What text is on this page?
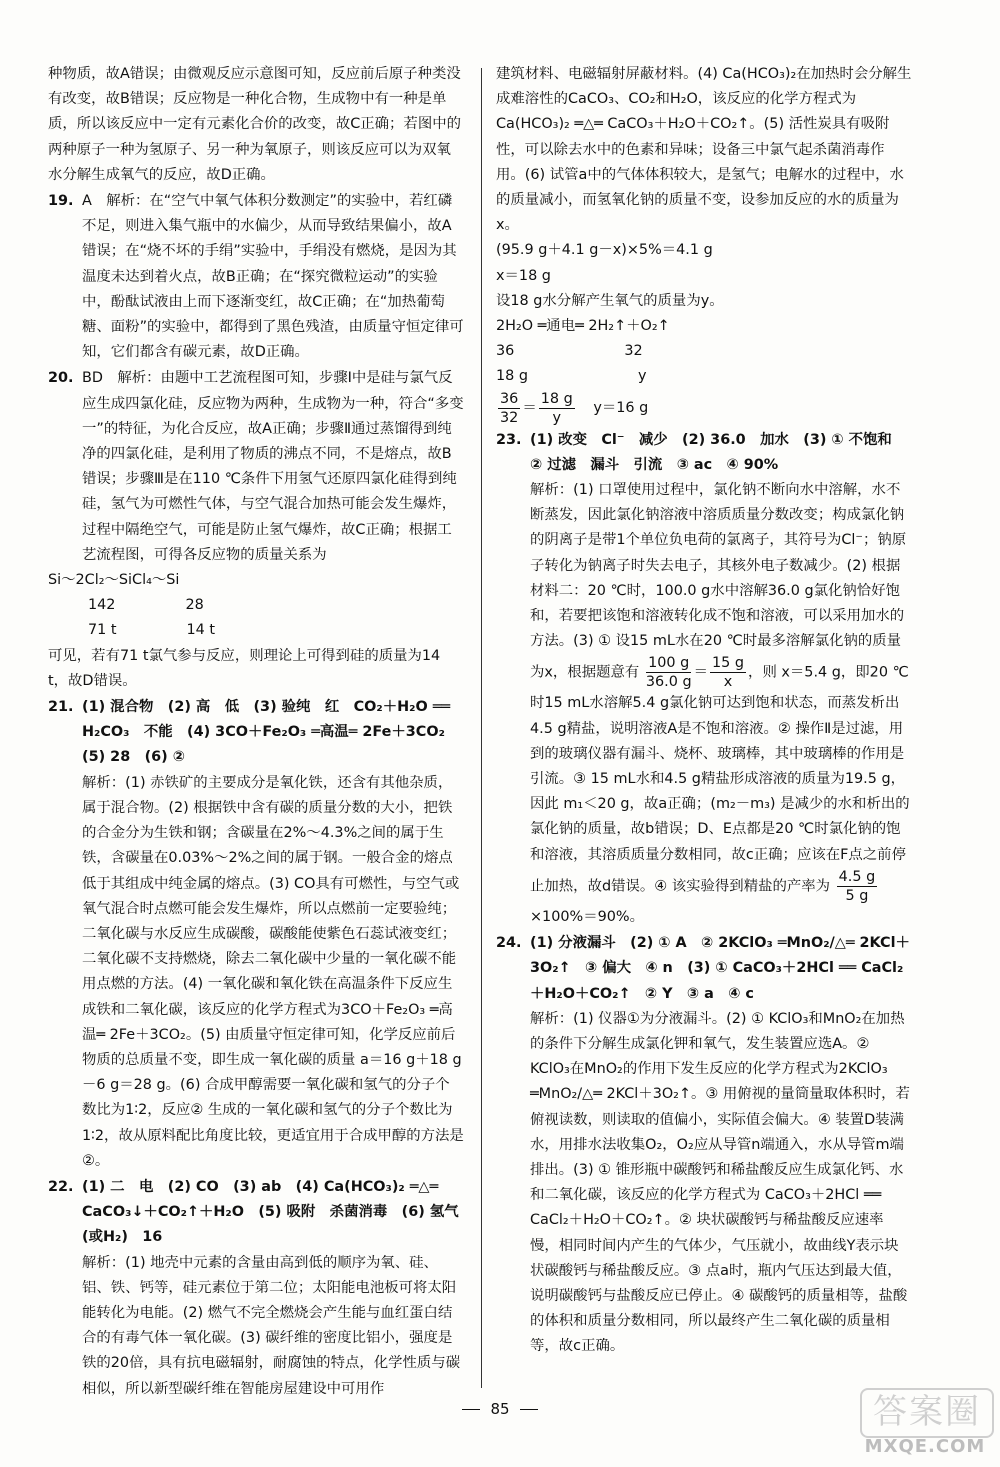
种物质，故A错误；由微观反应示意图可知，反应前后原子种类没有改变，故B错误；反应物是一种化合物，生成物中有一种是单质，所以该反应中一定有元素化合价的改变，故C正确；若图中的两种原子一种为氢原子、另一种为氧原子，则该反应可以为双氧水分解生成氧气的反应，故D正确。

19. A　解析：在“空气中氧气体积分数测定”的实验中，若红磷不足，则进入集气瓶中的水偏少，从而导致结果偏小，故A错误；在“烧不坏的手绢”实验中，手绢没有燃烧，是因为其温度未达到着火点，故B正确；在“探究微粒运动”的实验中，酚酞试液由上而下逐渐变红，故C正确；在“加热葡萄糖、面粉”的实验中，都得到了黑色残渣，由质量守恒定律可知，它们都含有碳元素，故D正确。

20. BD　解析：由题中工艺流程图可知，步骤Ⅰ中是硅与氯气反应生成四氯化硅，反应物为两种，生成物为一种，符合“多变一”的特征，为化合反应，故A正确；步骤Ⅱ通过蒸馏得到纯净的四氯化硅，是利用了物质的沸点不同，不是熔点，故B错误；步骤Ⅲ是在110 ℃条件下用氢气还原四氯化硅得到纯硅，氢气为可燃性气体，与空气混合加热可能会发生爆炸，过程中隔绝空气，可能是防止氢气爆炸，故C正确；根据工艺流程图，可得各反应物的质量关系为

Si～2Cl₂～SiCl₄～Si

142	28
71 t	14 t

可见，若有71 t氯气参与反应，则理论上可得到硅的质量为14 t，故D错误。

21. (1) 混合物　(2) 高　低　(3) 验纯　红　CO₂＋H₂O ══ H₂CO₃　不能　(4) 3CO＋Fe₂O₃ ═高温═ 2Fe＋3CO₂　(5) 28　(6) ②

解析：(1) 赤铁矿的主要成分是氧化铁，还含有其他杂质，属于混合物。(2) 根据铁中含有碳的质量分数的大小，把铁的合金分为生铁和钢；含碳量在2%～4.3%之间的属于生铁，含碳量在0.03%～2%之间的属于钢。一般合金的熔点低于其组成中纯金属的熔点。(3) CO具有可燃性，与空气或氧气混合时点燃可能会发生爆炸，所以点燃前一定要验纯；二氧化碳与水反应生成碳酸，碳酸能使紫色石蕊试液变红；二氧化碳不支持燃烧，除去二氧化碳中少量的一氧化碳不能用点燃的方法。(4) 一氧化碳和氧化铁在高温条件下反应生成铁和二氧化碳，该反应的化学方程式为3CO＋Fe₂O₃ ═高温═ 2Fe＋3CO₂。(5) 由质量守恒定律可知，化学反应前后物质的总质量不变，即生成一氧化碳的质量 a＝16 g＋18 g－6 g＝28 g。(6) 合成甲醇需要一氧化碳和氢气的分子个数比为1∶2，反应② 生成的一氧化碳和氢气的分子个数比为1∶2，故从原料配比角度比较，更适宜用于合成甲醇的方法是②。

22. (1) 二　电　(2) CO　(3) ab　(4) Ca(HCO₃)₂ ═△═ CaCO₃↓＋CO₂↑＋H₂O　(5) 吸附　杀菌消毒　(6) 氢气(或H₂)　16

解析：(1) 地壳中元素的含量由高到低的顺序为氧、硅、铝、铁、钙等，硅元素位于第二位；太阳能电池板可将太阳能转化为电能。(2) 燃气不完全燃烧会产生能与血红蛋白结合的有毒气体一氧化碳。(3) 碳纤维的密度比铝小，强度是铁的20倍，具有抗电磁辐射，耐腐蚀的特点，化学性质与碳相似，所以新型碳纤维在智能房屋建设中可用作

建筑材料、电磁辐射屏蔽材料。(4) Ca(HCO₃)₂在加热时会分解生成难溶性的CaCO₃、CO₂和H₂O，该反应的化学方程式为Ca(HCO₃)₂ ═△═ CaCO₃＋H₂O＋CO₂↑。(5) 活性炭具有吸附性，可以除去水中的色素和异味；设备三中氯气起杀菌消毒作用。(6) 试管a中的气体体积较大，是氢气；电解水的过程中，水的质量减小，而氢氧化钠的质量不变，设参加反应的水的质量为x。

(95.9 g＋4.1 g－x)×5%＝4.1 g

x＝18 g

设18 g水分解产生氧气的质量为y。

2H₂O ═通电═ 2H₂↑＋O₂↑

36	32
18 g	y

$\frac{36}{32} = \frac{18 g}{y} y=16$ g

23. (1) 改变　Cl⁻　减少　(2) 36.0　加水　(3) ① 不饱和　② 过滤　漏斗　引流　③ ac　④ 90%

解析：(1) 口罩使用过程中，氯化钠不断向水中溶解，水不断蒸发，因此氯化钠溶液中溶质质量分数改变；构成氯化钠的阴离子是带1个单位负电荷的氯离子，其符号为Cl⁻；钠原子转化为钠离子时失去电子，其核外电子数减少。(2) 根据材料二：20 ℃时，100.0 g水中溶解36.0 g氯化钠恰好饱和，若要把该饱和溶液转化成不饱和溶液，可以采用加水的方法。(3) ① 设15 mL水在20 ℃时最多溶解氯化钠的质量为x，根据题意有 $\frac{100 g}{36.0 g} = \frac{15 g}{x}$ ，则 x＝5.4 g，即20 ℃时15 mL水溶解5.4 g氯化钠可达到饱和状态，而蒸发析出4.5 g精盐，说明溶液A是不饱和溶液。② 操作Ⅱ是过滤，用到的玻璃仪器有漏斗、烧杯、玻璃棒，其中玻璃棒的作用是引流。③ 15 mL水和4.5 g精盐形成溶液的质量为19.5 g，因此 m₁＜20 g，故a正确；(m₂－m₃) 是减少的水和析出的氯化钠的质量，故b错误；D、E点都是20 ℃时氯化钠的饱和溶液，其溶质质量分数相同，故c正确；应该在F点之前停止加热，故d错误。④ 该实验得到精盐的产率为 $\frac{4.5 g}{5 g}$
×100%＝90%。

24. (1) 分液漏斗　(2) ① A　② 2KClO₃ ═MnO₂/△═ 2KCl＋3O₂↑　③ 偏大　④ n　(3) ① CaCO₃＋2HCl ══ CaCl₂＋H₂O＋CO₂↑　② Y　③ a　④ c

解析：(1) 仪器①为分液漏斗。(2) ① KClO₃和MnO₂在加热的条件下分解生成氯化钾和氧气，发生装置应选A。② KClO₃在MnO₂的作用下发生反应的化学方程式为2KClO₃ ═MnO₂/△═ 2KCl＋3O₂↑。③ 用俯视的量筒量取体积时，若俯视读数，则读取的值偏小，实际值会偏大。④ 装置D装满水，用排水法收集O₂，O₂应从导管n端通入，水从导管m端排出。(3) ① 锥形瓶中碳酸钙和稀盐酸反应生成氯化钙、水和二氧化碳，该反应的化学方程式为 CaCO₃＋2HCl ══ CaCl₂＋H₂O＋CO₂↑。② 块状碳酸钙与稀盐酸反应速率慢，相同时间内产生的气体少，气压就小，故曲线Y表示块状碳酸钙与稀盐酸反应。③ 点a时，瓶内气压达到最大值，说明碳酸钙与盐酸反应已停止。④ 碳酸钙的质量相等，盐酸的体积和质量分数相同，所以最终产生二氧化碳的质量相等，故c正确。

85	答案圈
MXQE.COM
